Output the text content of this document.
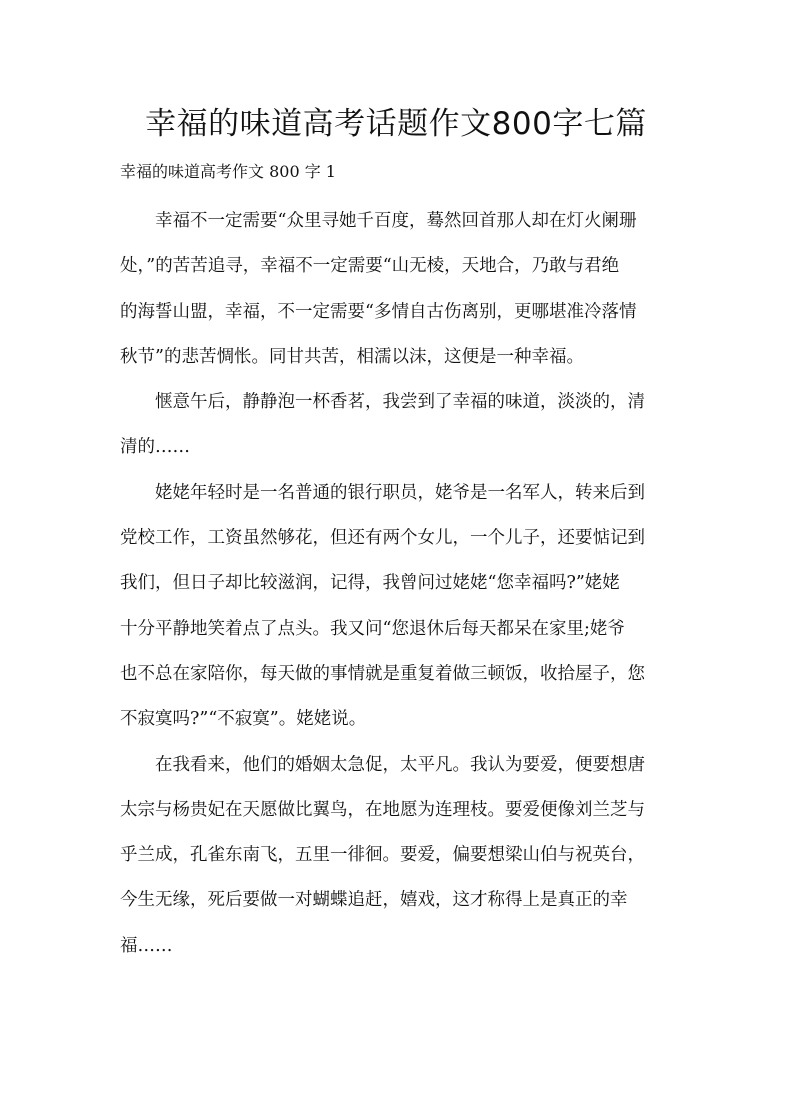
幸福的味道高考话题作文800字七篇
幸福的味道高考作文 800 字 1
幸福不一定需要“众里寻她千百度，蓦然回首那人却在灯火阑珊
处，”的苦苦追寻，幸福不一定需要“山无棱，天地合，乃敢与君绝
的海誓山盟，幸福，不一定需要“多情自古伤离别，更哪堪准冷落情
秋节”的悲苦惆怅。同甘共苦，相濡以沫，这便是一种幸福。
惬意午后，静静泡一杯香茗，我尝到了幸福的味道，淡淡的，清
清的……
姥姥年轻时是一名普通的银行职员，姥爷是一名军人，转来后到
党校工作，工资虽然够花，但还有两个女儿，一个儿子，还要惦记到
我们，但日子却比较滋润，记得，我曾问过姥姥“您幸福吗?”姥姥
十分平静地笑着点了点头。我又问“您退休后每天都呆在家里;姥爷
也不总在家陪你，每天做的事情就是重复着做三顿饭，收拾屋子，您
不寂寞吗?”“不寂寞”。姥姥说。
在我看来，他们的婚姻太急促，太平凡。我认为要爱，便要想唐
太宗与杨贵妃在天愿做比翼鸟，在地愿为连理枝。要爱便像刘兰芝与
乎兰成，孔雀东南飞，五里一徘徊。要爱，偏要想梁山伯与祝英台，
今生无缘，死后要做一对蝴蝶追赶，嬉戏，这才称得上是真正的幸
福……
